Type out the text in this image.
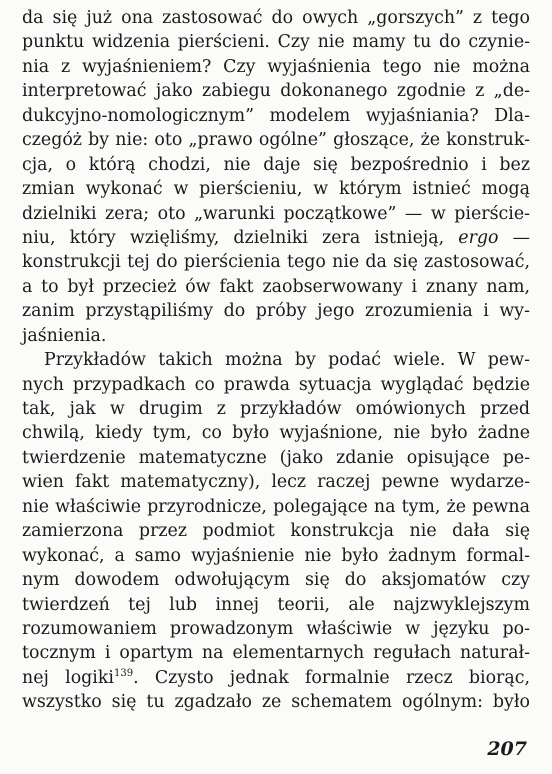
da się już ona zastosować do owych „gorszych” z tego
punktu widzenia pierścieni. Czy nie mamy tu do czynie-
nia z wyjaśnieniem? Czy wyjaśnienia tego nie można
interpretować jako zabiegu dokonanego zgodnie z „de-
dukcyjno-nomologicznym” modelem wyjaśniania? Dla-
czegóż by nie: oto „prawo ogólne” głoszące, że konstruk-
cja, o którą chodzi, nie daje się bezpośrednio i bez
zmian wykonać w pierścieniu, w którym istnieć mogą
dzielniki zera; oto „warunki początkowe” — w pierście-
niu, który wzięliśmy, dzielniki zera istnieją, ergo —
konstrukcji tej do pierścienia tego nie da się zastosować,
a to był przecież ów fakt zaobserwowany i znany nam,
zanim przystąpiliśmy do próby jego zrozumienia i wy-
jaśnienia.
Przykładów takich można by podać wiele. W pew-
nych przypadkach co prawda sytuacja wyglądać będzie
tak, jak w drugim z przykładów omówionych przed
chwilą, kiedy tym, co było wyjaśnione, nie było żadne
twierdzenie matematyczne (jako zdanie opisujące pe-
wien fakt matematyczny), lecz raczej pewne wydarze-
nie właściwie przyrodnicze, polegające na tym, że pewna
zamierzona przez podmiot konstrukcja nie dała się
wykonać, a samo wyjaśnienie nie było żadnym formal-
nym dowodem odwołującym się do aksjomatów czy
twierdzeń tej lub innej teorii, ale najzwyklejszym
rozumowaniem prowadzonym właściwie w języku po-
tocznym i opartym na elementarnych regułach naturał-
nej logiki$^{139}$. Czysto jednak formalnie rzecz biorąc,
wszystko się tu zgadzało ze schematem ogólnym: było
207
